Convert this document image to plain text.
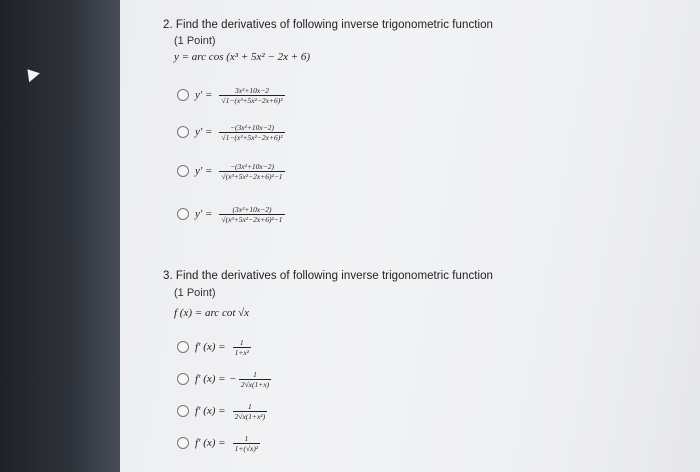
2. Find the derivatives of following inverse trigonometric function
(1 Point)
y = arc cos (x³ + 5x² − 2x + 6)
$y' = \frac{\text{3x²+10x−2}}{\text{√1−(x³+5x²−2x+6)²}}$
$y' = \frac{\text{−(3x²+10x−2)}}{\text{√1−(x³+5x²−2x+6)²}}$
$y' = \frac{\text{−(3x²+10x−2)}}{\text{√(x³+5x²−2x+6)²−1}}$
$y' = \frac{\text{(3x²+10x−2)}}{\text{√(x³+5x²−2x+6)²−1}}$
3. Find the derivatives of following inverse trigonometric function
(1 Point)
f (x) = arc cot √x
f′ $(x) = \frac{1}{\text{1+x²}}$
f′ (x) = − $\frac{1}{2√x(1+x)}$
f′ $(x) = \frac{1}{\text{2√x(1+x²)}}$
f′ $(x) = \frac{1}{\text{1+(√x)²}}$
